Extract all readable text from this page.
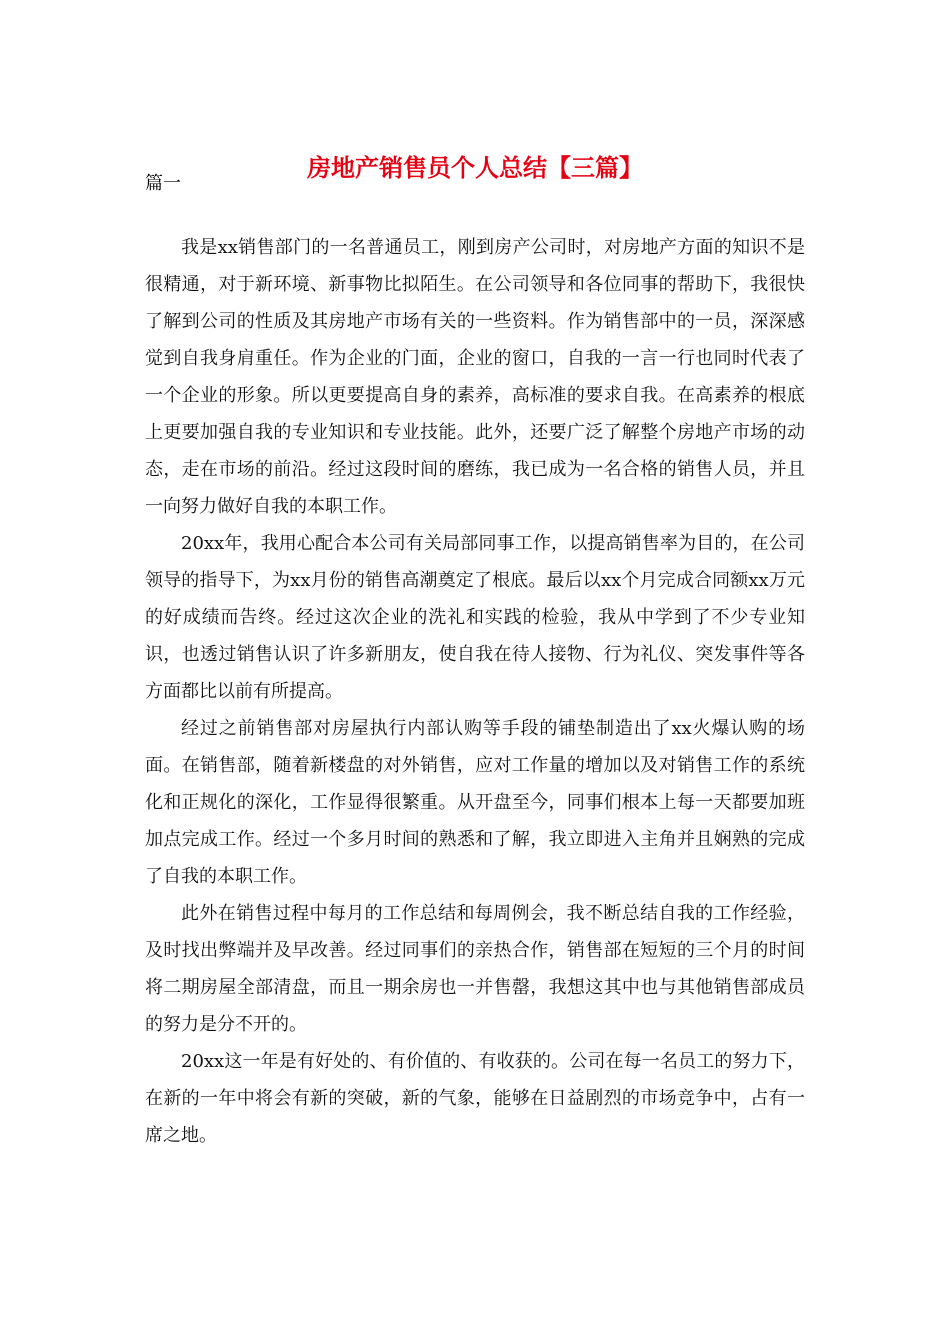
房地产销售员个人总结【三篇】
篇一

我是xx销售部门的一名普通员工，刚到房产公司时，对房地产方面的知识不是很精通，对于新环境、新事物比拟陌生。在公司领导和各位同事的帮助下，我很快了解到公司的性质及其房地产市场有关的一些资料。作为销售部中的一员，深深感觉到自我身肩重任。作为企业的门面，企业的窗口，自我的一言一行也同时代表了一个企业的形象。所以更要提高自身的素养，高标准的要求自我。在高素养的根底上更要加强自我的专业知识和专业技能。此外，还要广泛了解整个房地产市场的动态，走在市场的前沿。经过这段时间的磨练，我已成为一名合格的销售人员，并且一向努力做好自我的本职工作。

20xx年，我用心配合本公司有关局部同事工作，以提高销售率为目的，在公司领导的指导下，为xx月份的销售高潮奠定了根底。最后以xx个月完成合同额xx万元的好成绩而告终。经过这次企业的洗礼和实践的检验，我从中学到了不少专业知识，也透过销售认识了许多新朋友，使自我在待人接物、行为礼仪、突发事件等各方面都比以前有所提高。

经过之前销售部对房屋执行内部认购等手段的铺垫制造出了xx火爆认购的场面。在销售部，随着新楼盘的对外销售，应对工作量的增加以及对销售工作的系统化和正规化的深化，工作显得很繁重。从开盘至今，同事们根本上每一天都要加班加点完成工作。经过一个多月时间的熟悉和了解，我立即进入主角并且娴熟的完成了自我的本职工作。

此外在销售过程中每月的工作总结和每周例会，我不断总结自我的工作经验，及时找出弊端并及早改善。经过同事们的亲热合作，销售部在短短的三个月的时间将二期房屋全部清盘，而且一期余房也一并售罄，我想这其中也与其他销售部成员的努力是分不开的。

20xx这一年是有好处的、有价值的、有收获的。公司在每一名员工的努力下，在新的一年中将会有新的突破，新的气象，能够在日益剧烈的市场竞争中，占有一席之地。
